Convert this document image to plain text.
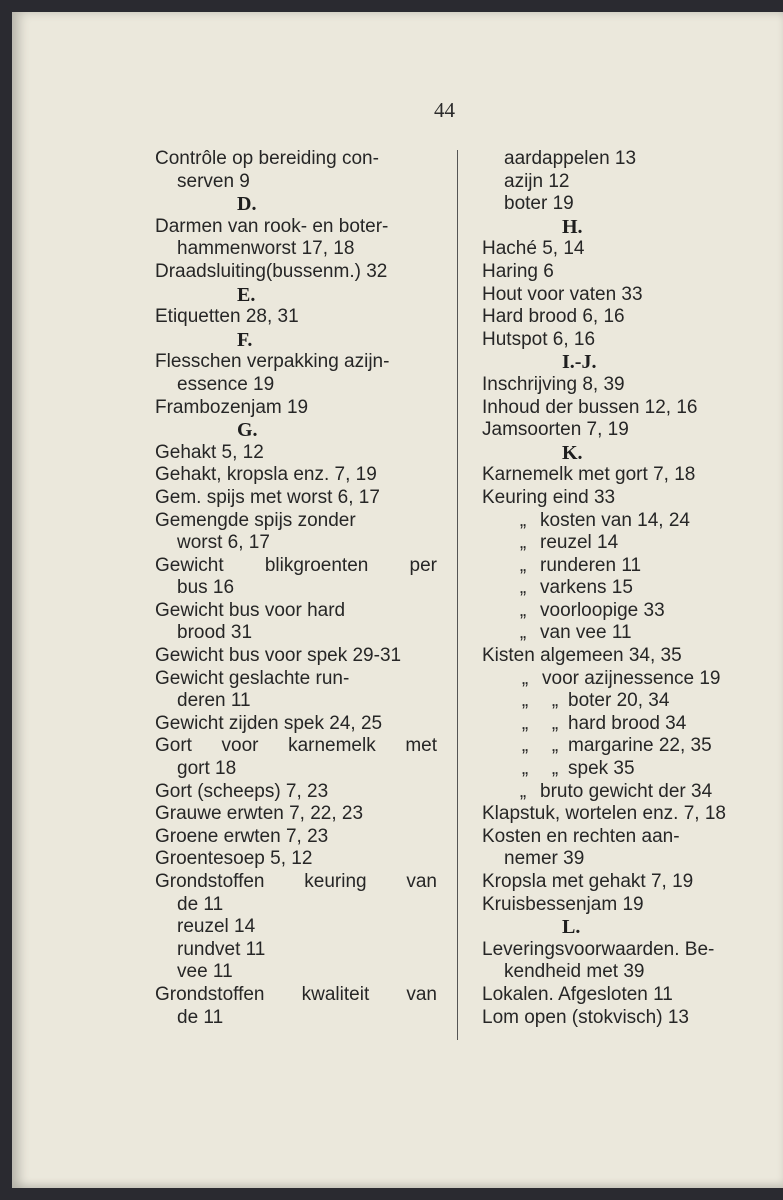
44
Contrôle op bereiding con-
serven 9
D.
Darmen van rook- en boter-
hammenworst 17, 18
Draadsluiting(bussenm.) 32
E.
Etiquetten 28, 31
F.
Flesschen verpakking azijn-
essence 19
Frambozenjam 19
G.
Gehakt 5, 12
Gehakt, kropsla enz. 7, 19
Gem. spijs met worst 6, 17
Gemengde spijs zonder
worst 6, 17
Gewicht blikgroenten per
bus 16
Gewicht bus voor hard
brood 31
Gewicht bus voor spek 29-31
Gewicht geslachte run-
deren 11
Gewicht zijden spek 24, 25
Gort voor karnemelk met
gort 18
Gort (scheeps) 7, 23
Grauwe erwten 7, 22, 23
Groene erwten 7, 23
Groentesoep 5, 12
Grondstoffen keuring van
de 11
reuzel 14
rundvet 11
vee 11
Grondstoffen kwaliteit van
de 11
aardappelen 13
azijn 12
boter 19
H.
Haché 5, 14
Haring 6
Hout voor vaten 33
Hard brood 6, 16
Hutspot 6, 16
I.-J.
Inschrijving 8, 39
Inhoud der bussen 12, 16
Jamsoorten 7, 19
K.
Karnemelk met gort 7, 18
Keuring eind 33
„ kosten van 14, 24
„ reuzel 14
„ runderen 11
„ varkens 15
„ voorloopige 33
„ van vee 11
Kisten algemeen 34, 35
„ voor azijnessence 19
„ „ boter 20, 34
„ „ hard brood 34
„ „ margarine 22, 35
„ „ spek 35
„ bruto gewicht der 34
Klapstuk, wortelen enz. 7, 18
Kosten en rechten aan-
nemer 39
Kropsla met gehakt 7, 19
Kruisbessenjam 19
L.
Leveringsvoorwaarden. Be-
kendheid met 39
Lokalen. Afgesloten 11
Lom open (stokvisch) 13
